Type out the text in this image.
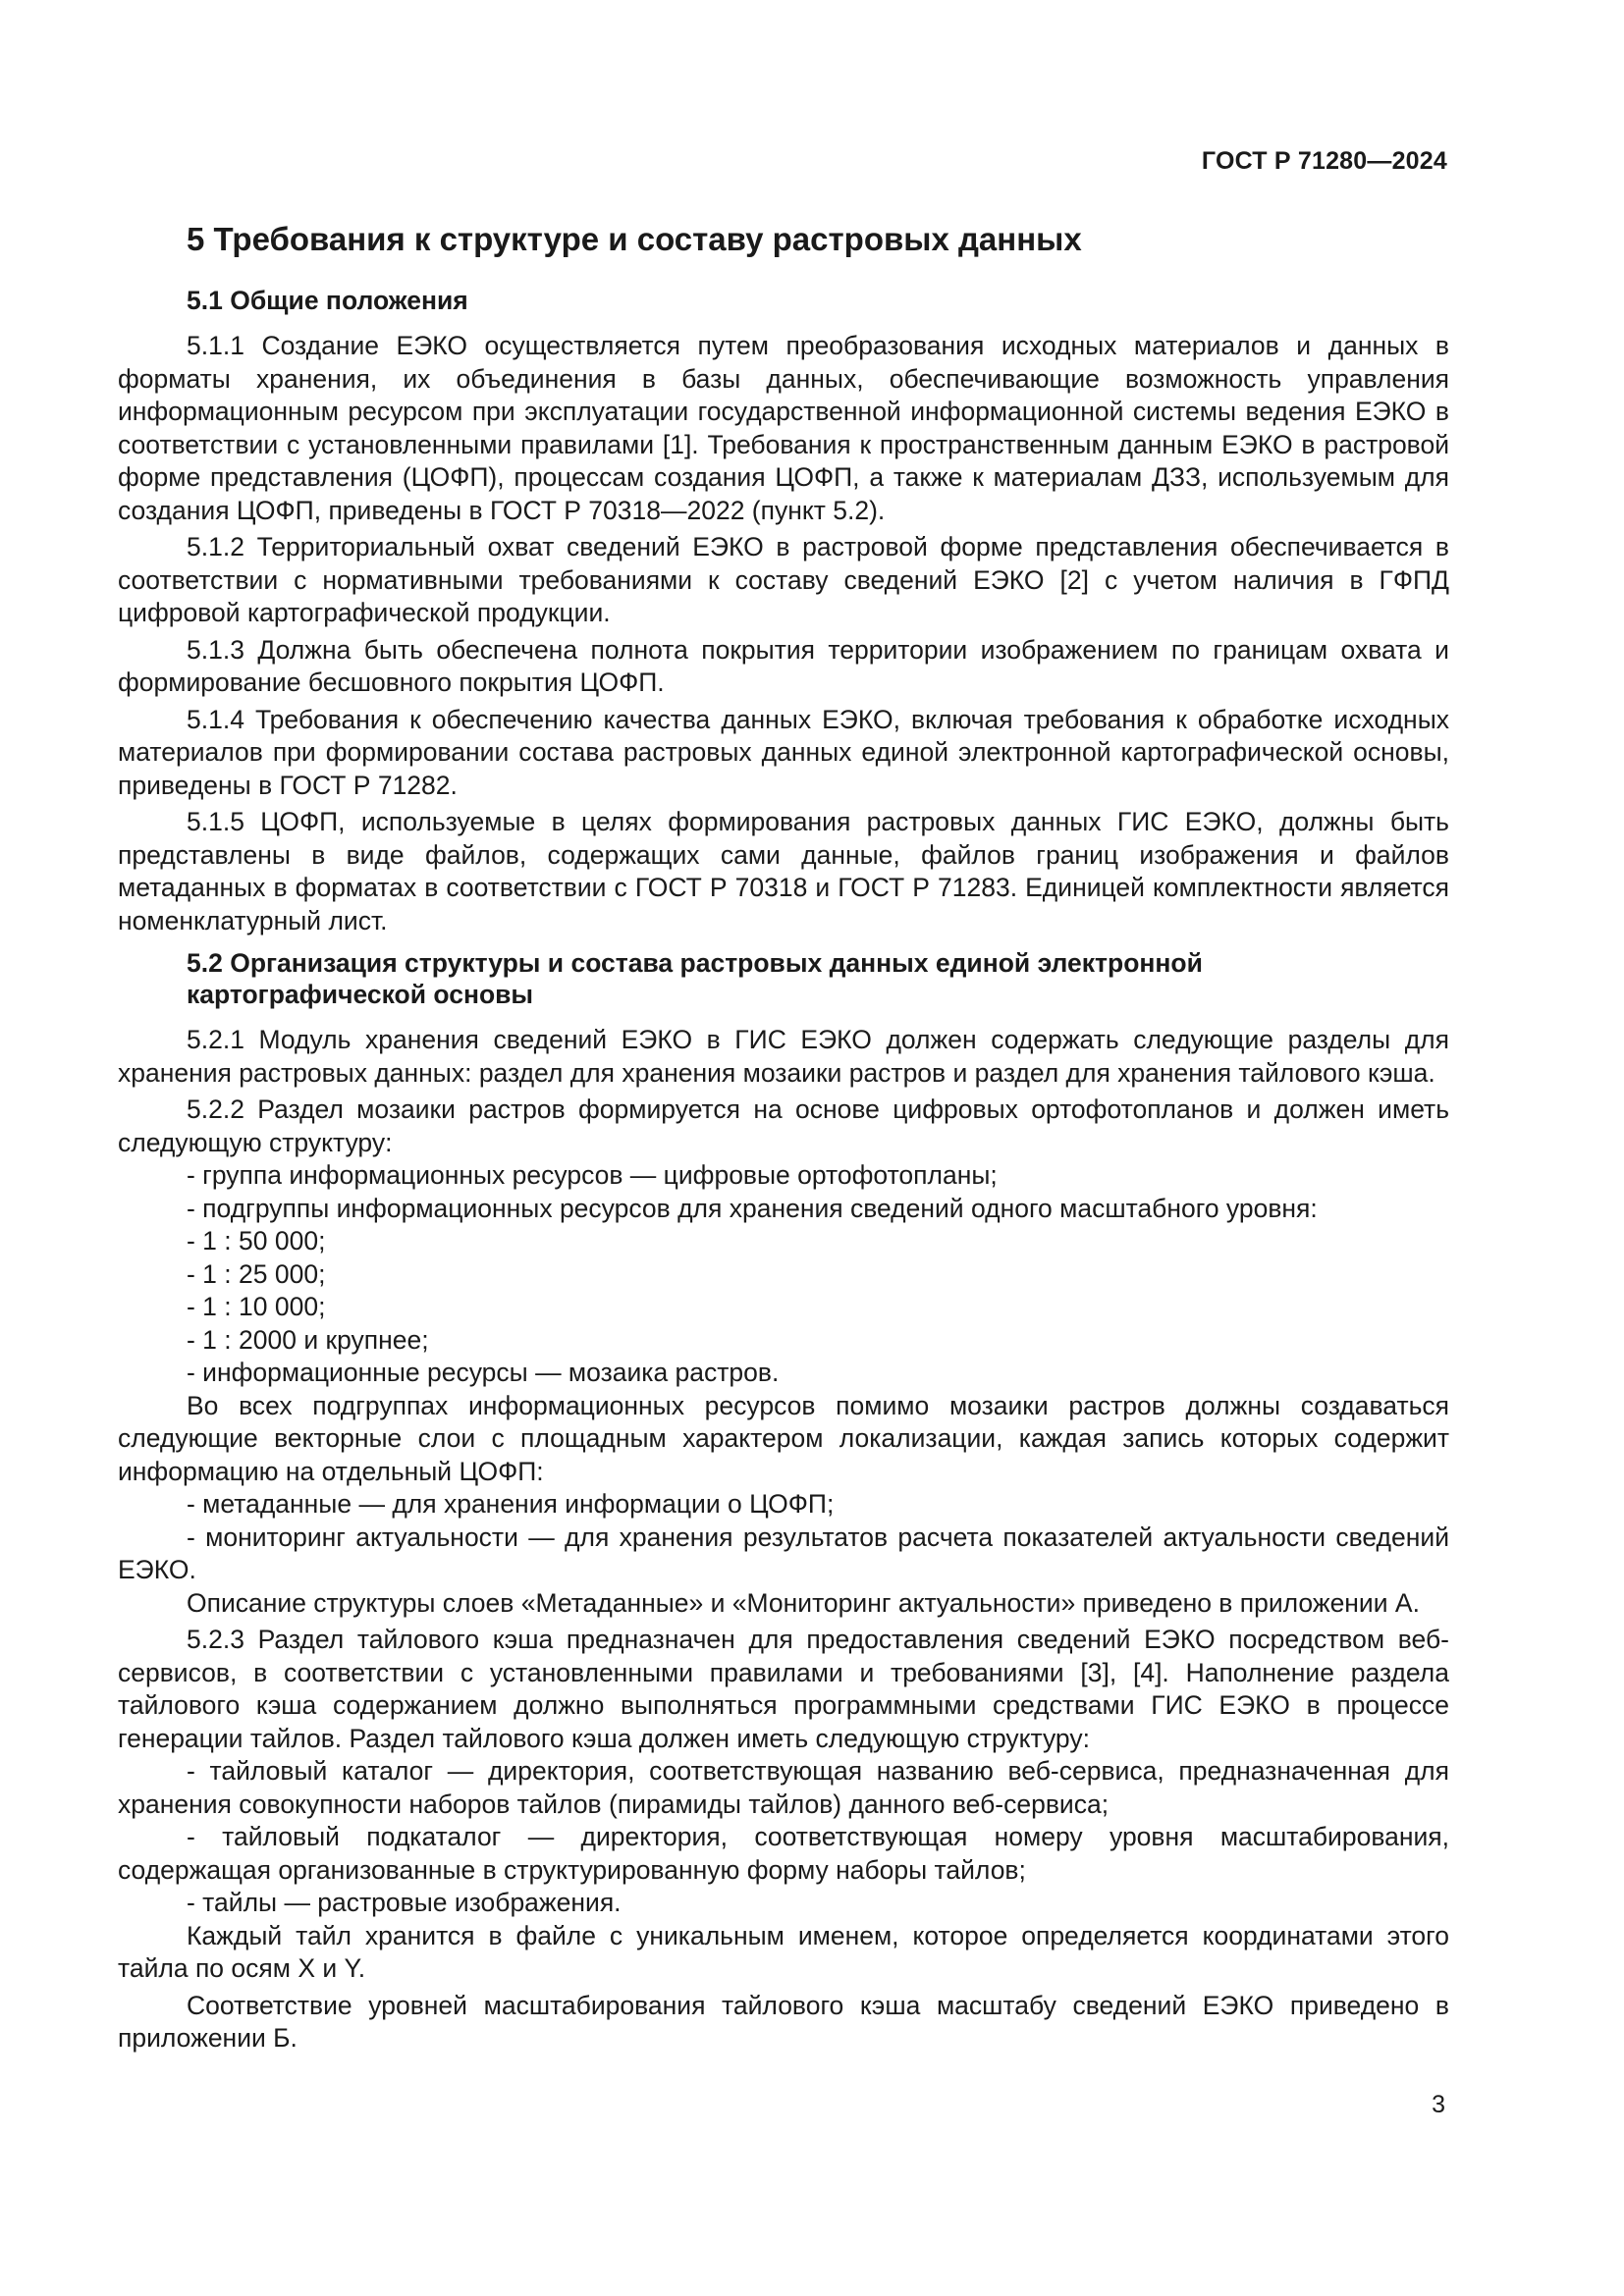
ГОСТ Р 71280—2024
5 Требования к структуре и составу растровых данных
5.1 Общие положения

5.1.1 Создание ЕЭКО осуществляется путем преобразования исходных материалов и данных в форматы хранения, их объединения в базы данных, обеспечивающие возможность управления информационным ресурсом при эксплуатации государственной информационной системы ведения ЕЭКО в соответствии с установленными правилами [1]. Требования к пространственным данным ЕЭКО в растровой форме представления (ЦОФП), процессам создания ЦОФП, а также к материалам ДЗЗ, используемым для создания ЦОФП, приведены в ГОСТ Р 70318—2022 (пункт 5.2).

5.1.2 Территориальный охват сведений ЕЭКО в растровой форме представления обеспечивается в соответствии с нормативными требованиями к составу сведений ЕЭКО [2] с учетом наличия в ГФПД цифровой картографической продукции.

5.1.3 Должна быть обеспечена полнота покрытия территории изображением по границам охвата и формирование бесшовного покрытия ЦОФП.

5.1.4 Требования к обеспечению качества данных ЕЭКО, включая требования к обработке исходных материалов при формировании состава растровых данных единой электронной картографической основы, приведены в ГОСТ Р 71282.

5.1.5 ЦОФП, используемые в целях формирования растровых данных ГИС ЕЭКО, должны быть представлены в виде файлов, содержащих сами данные, файлов границ изображения и файлов метаданных в форматах в соответствии с ГОСТ Р 70318 и ГОСТ Р 71283. Единицей комплектности является номенклатурный лист.

5.2 Организация структуры и состава растровых данных единой электронной
картографической основы

5.2.1 Модуль хранения сведений ЕЭКО в ГИС ЕЭКО должен содержать следующие разделы для хранения растровых данных: раздел для хранения мозаики растров и раздел для хранения тайлового кэша.

5.2.2 Раздел мозаики растров формируется на основе цифровых ортофотопланов и должен иметь следующую структуру:

- группа информационных ресурсов — цифровые ортофотопланы;

- подгруппы информационных ресурсов для хранения сведений одного масштабного уровня:

- 1 : 50 000;

- 1 : 25 000;

- 1 : 10 000;

- 1 : 2000 и крупнее;

- информационные ресурсы — мозаика растров.

Во всех подгруппах информационных ресурсов помимо мозаики растров должны создаваться следующие векторные слои с площадным характером локализации, каждая запись которых содержит информацию на отдельный ЦОФП:

- метаданные — для хранения информации о ЦОФП;

- мониторинг актуальности — для хранения результатов расчета показателей актуальности сведений ЕЭКО.

Описание структуры слоев «Метаданные» и «Мониторинг актуальности» приведено в приложении А.

5.2.3 Раздел тайлового кэша предназначен для предоставления сведений ЕЭКО посредством веб-сервисов, в соответствии с установленными правилами и требованиями [3], [4]. Наполнение раздела тайлового кэша содержанием должно выполняться программными средствами ГИС ЕЭКО в процессе генерации тайлов. Раздел тайлового кэша должен иметь следующую структуру:

- тайловый каталог — директория, соответствующая названию веб-сервиса, предназначенная для хранения совокупности наборов тайлов (пирамиды тайлов) данного веб-сервиса;

- тайловый подкаталог — директория, соответствующая номеру уровня масштабирования, содержащая организованные в структурированную форму наборы тайлов;

- тайлы — растровые изображения.

Каждый тайл хранится в файле с уникальным именем, которое определяется координатами этого тайла по осям X и Y.

Соответствие уровней масштабирования тайлового кэша масштабу сведений ЕЭКО приведено в приложении Б.

3
